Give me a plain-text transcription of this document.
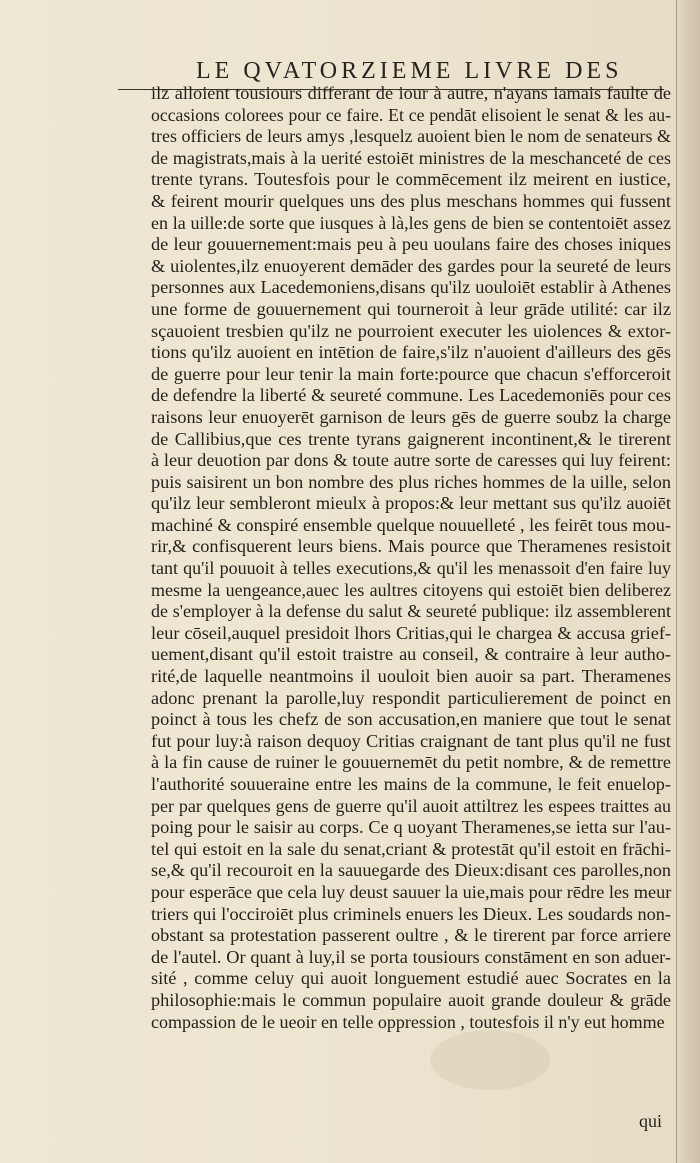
LE QVATORZIEME LIVRE DES
ilz alloient tousiours differant de iour à autre, n'ayans iamais faulte de
occasions colorees pour ce faire. Et ce pendāt elisoient le senat & les au-
tres officiers de leurs amys ,lesquelz auoient bien le nom de senateurs &
de magistrats,mais à la uerité estoiēt ministres de la meschanceté de ces
trente tyrans. Toutesfois pour le commēcement ilz meirent en iustice,
& feirent mourir quelques uns des plus meschans hommes qui fussent
en la uille:de sorte que iusques à là,les gens de bien se contentoiēt assez
de leur gouuernement:mais peu à peu uoulans faire des choses iniques
& uiolentes,ilz enuoyerent demāder des gardes pour la seureté de leurs
personnes aux Lacedemoniens,disans qu'ilz uouloiēt establir à Athenes
une forme de gouuernement qui tourneroit à leur grāde utilité: car ilz
sçauoient tresbien qu'ilz ne pourroient executer les uiolences & extor-
tions qu'ilz auoient en intētion de faire,s'ilz n'auoient d'ailleurs des gēs
de guerre pour leur tenir la main forte:pource que chacun s'efforceroit
de defendre la liberté & seureté commune. Les Lacedemoniēs pour ces
raisons leur enuoyerēt garnison de leurs gēs de guerre soubz la charge
de Callibius,que ces trente tyrans gaignerent incontinent,& le tirerent
à leur deuotion par dons & toute autre sorte de caresses qui luy feirent:
puis saisirent un bon nombre des plus riches hommes de la uille, selon
qu'ilz leur sembleront mieulx à propos:& leur mettant sus qu'ilz auoiēt
machiné & conspiré ensemble quelque nouuelleté , les feirēt tous mou-
rir,& confisquerent leurs biens. Mais pource que Theramenes resistoit
tant qu'il pouuoit à telles executions,& qu'il les menassoit d'en faire luy
mesme la uengeance,auec les aultres citoyens qui estoiēt bien deliberez
de s'employer à la defense du salut & seureté publique: ilz assemblerent
leur cōseil,auquel presidoit lhors Critias,qui le chargea & accusa grief-
uement,disant qu'il estoit traistre au conseil, & contraire à leur autho-
rité,de laquelle neantmoins il uouloit bien auoir sa part. Theramenes
adonc prenant la parolle,luy respondit particulierement de poinct en
poinct à tous les chefz de son accusation,en maniere que tout le senat
fut pour luy:à raison dequoy Critias craignant de tant plus qu'il ne fust
à la fin cause de ruiner le gouuernemēt du petit nombre, & de remettre
l'authorité souueraine entre les mains de la commune, le feit enuelop-
per par quelques gens de guerre qu'il auoit attiltrez les espees traittes au
poing pour le saisir au corps. Ce q uoyant Theramenes,se ietta sur l'au-
tel qui estoit en la sale du senat,criant & protestāt qu'il estoit en frāchi-
se,& qu'il recouroit en la sauuegarde des Dieux:disant ces parolles,non
pour esperāce que cela luy deust sauuer la uie,mais pour rēdre les meur
triers qui l'occiroiēt plus criminels enuers les Dieux. Les soudards non-
obstant sa protestation passerent oultre , & le tirerent par force arriere
de l'autel. Or quant à luy,il se porta tousiours constāment en son aduer-
sité , comme celuy qui auoit longuement estudié auec Socrates en la
philosophie:mais le commun populaire auoit grande douleur & grāde
compassion de le ueoir en telle oppression , toutesfois il n'y eut homme
qui
